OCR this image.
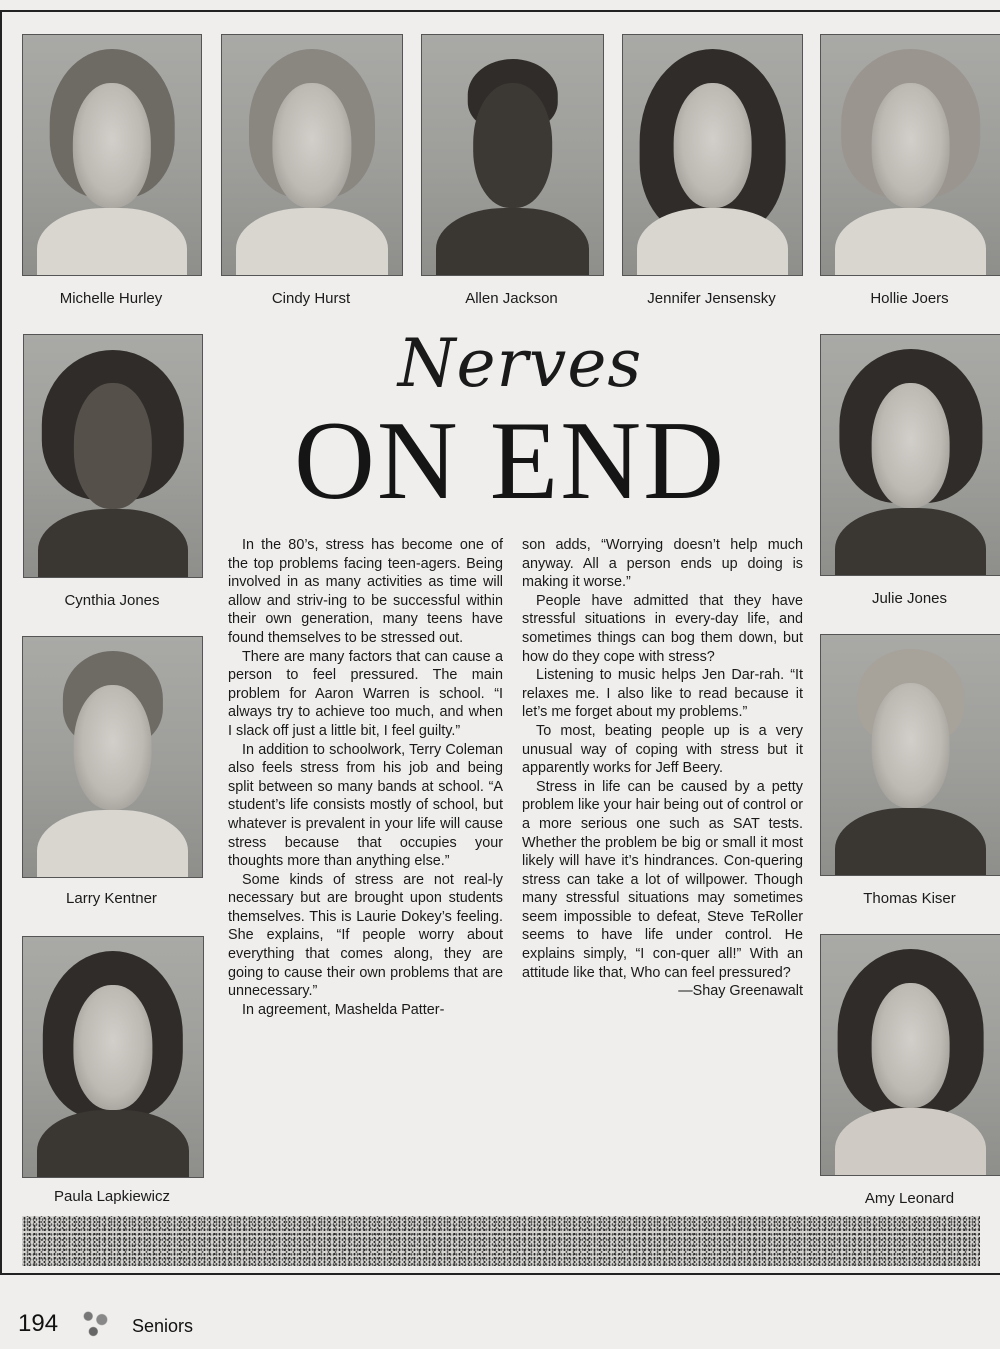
Michelle Hurley	Cindy Hurst	Allen Jackson	Jennifer Jensensky	Hollie Joers
Cynthia Jones
Larry Kentner
Paula Lapkiewicz
Julie Jones
Thomas Kiser
Amy Leonard
Nerves
ON END

In the 80’s, stress has become one of the top problems facing teen-agers. Being involved in as many activities as time will allow and striv-ing to be successful within their own generation, many teens have found themselves to be stressed out.

There are many factors that can cause a person to feel pressured. The main problem for Aaron Warren is school. “I always try to achieve too much, and when I slack off just a little bit, I feel guilty.”

In addition to schoolwork, Terry Coleman also feels stress from his job and being split between so many bands at school. “A student’s life consists mostly of school, but whatever is prevalent in your life will cause stress because that occupies your thoughts more than anything else.”

Some kinds of stress are not real-ly necessary but are brought upon students themselves. This is Laurie Dokey’s feeling. She explains, “If people worry about everything that comes along, they are going to cause their own problems that are unnecessary.”

In agreement, Mashelda Patter-

son adds, “Worrying doesn’t help much anyway. All a person ends up doing is making it worse.”

People have admitted that they have stressful situations in every-day life, and sometimes things can bog them down, but how do they cope with stress?

Listening to music helps Jen Dar-rah. “It relaxes me. I also like to read because it let’s me forget about my problems.”

To most, beating people up is a very unusual way of coping with stress but it apparently works for Jeff Beery.

Stress in life can be caused by a petty problem like your hair being out of control or a more serious one such as SAT tests. Whether the problem be big or small it most likely will have it’s hindrances. Con-quering stress can take a lot of willpower. Though many stressful situations may sometimes seem impossible to defeat, Steve TeRoller seems to have life under control. He explains simply, “I con-quer all!” With an attitude like that, Who can feel pressured?

—Shay Greenawalt
194	Seniors
